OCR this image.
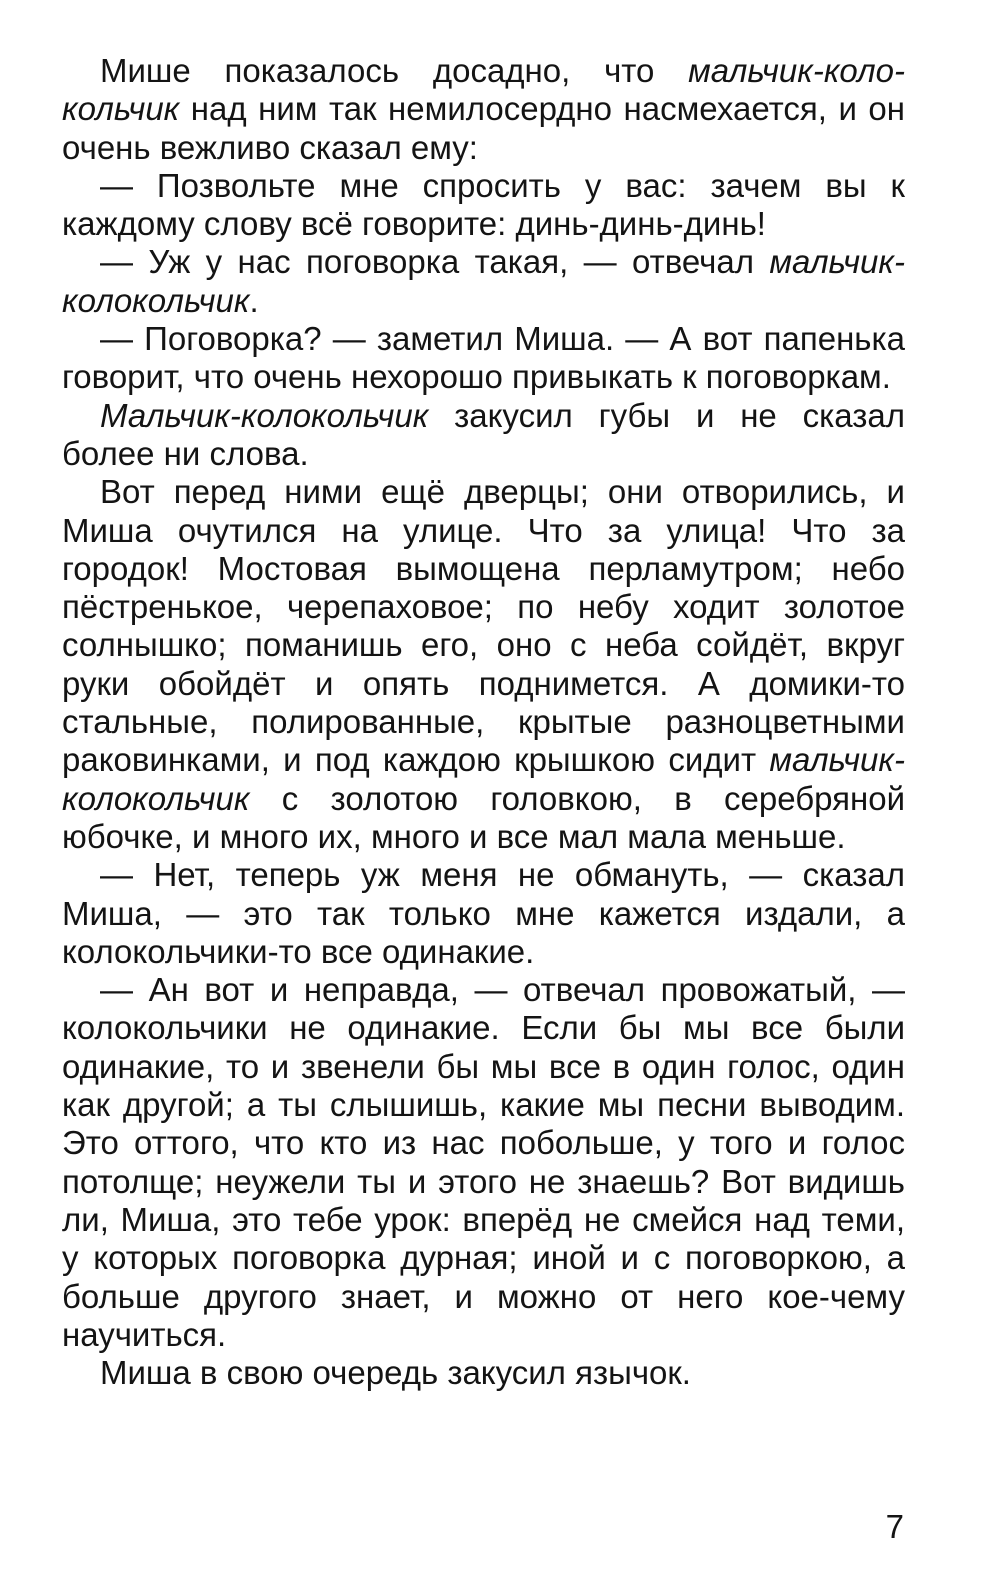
Мише показалось досадно, что мальчик-колокольчик над ним так немилосердно насмехается, и он очень вежливо сказал ему:

— Позвольте мне спросить у вас: зачем вы к каждому слову всё говорите: динь-динь-динь!

— Уж у нас поговорка такая, — отвечал мальчик-колокольчик.

— Поговорка? — заметил Миша. — А вот папенька говорит, что очень нехорошо привыкать к поговоркам.

Мальчик-колокольчик закусил губы и не сказал более ни слова.

Вот перед ними ещё дверцы; они отворились, и Миша очутился на улице. Что за улица! Что за городок! Мостовая вымощена перламутром; небо пёстренькое, черепаховое; по небу ходит золотое солнышко; поманишь его, оно с неба сойдёт, вкруг руки обойдёт и опять поднимется. А домики-то стальные, полированные, крытые разноцветными раковинками, и под каждою крышкою сидит мальчик-колокольчик с золотою головкою, в серебряной юбочке, и много их, много и все мал мала меньше.

— Нет, теперь уж меня не обмануть, — сказал Миша, — это так только мне кажется издали, а колокольчики-то все одинакие.

— Ан вот и неправда, — отвечал провожатый, — колокольчики не одинакие. Если бы мы все были одинакие, то и звенели бы мы все в один голос, один как другой; а ты слышишь, какие мы песни выводим. Это оттого, что кто из нас побольше, у того и голос потолще; неужели ты и этого не знаешь? Вот видишь ли, Миша, это тебе урок: вперёд не смейся над теми, у которых поговорка дурная; иной и с поговоркою, а больше другого знает, и можно от него кое-чему научиться.

Миша в свою очередь закусил язычок.

7
